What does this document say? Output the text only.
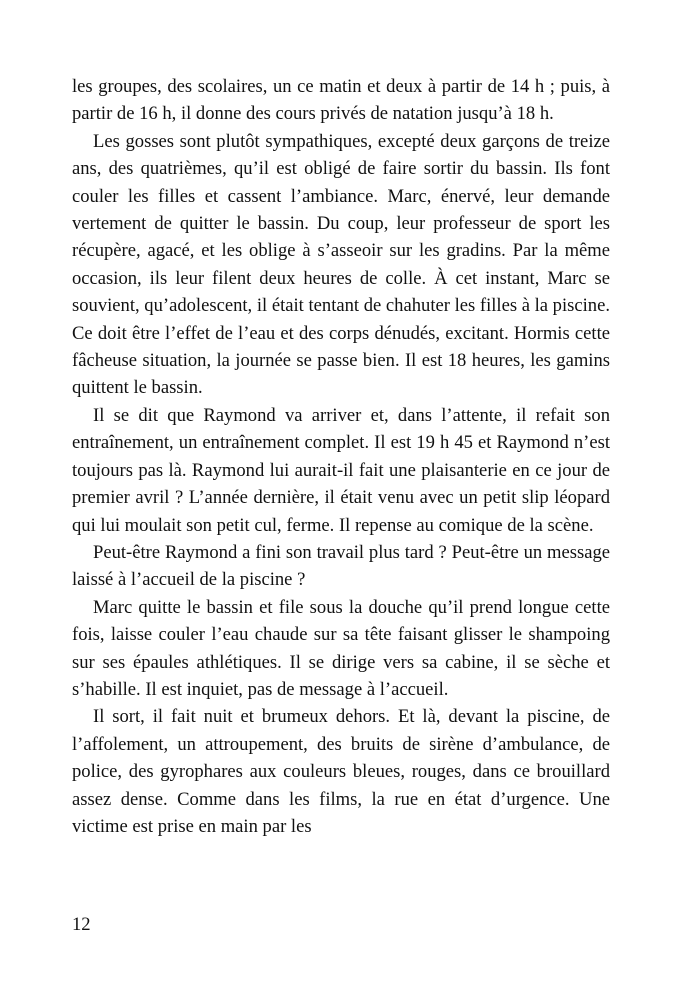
les groupes, des scolaires, un ce matin et deux à partir de 14 h ; puis, à partir de 16 h, il donne des cours privés de natation jusqu’à 18 h.

Les gosses sont plutôt sympathiques, excepté deux garçons de treize ans, des quatrièmes, qu’il est obligé de faire sortir du bassin. Ils font couler les filles et cassent l’ambiance. Marc, énervé, leur demande vertement de quitter le bassin. Du coup, leur professeur de sport les récupère, agacé, et les oblige à s’asseoir sur les gradins. Par la même occasion, ils leur filent deux heures de colle. À cet instant, Marc se souvient, qu’adolescent, il était tentant de chahuter les filles à la piscine. Ce doit être l’effet de l’eau et des corps dénudés, excitant. Hormis cette fâcheuse situation, la journée se passe bien. Il est 18 heures, les gamins quittent le bassin.

Il se dit que Raymond va arriver et, dans l’attente, il refait son entraînement, un entraînement complet. Il est 19 h 45 et Raymond n’est toujours pas là. Raymond lui aurait-il fait une plaisanterie en ce jour de premier avril ? L’année dernière, il était venu avec un petit slip léopard qui lui moulait son petit cul, ferme. Il repense au comique de la scène.

Peut-être Raymond a fini son travail plus tard ? Peut-être un message laissé à l’accueil de la piscine ?

Marc quitte le bassin et file sous la douche qu’il prend longue cette fois, laisse couler l’eau chaude sur sa tête faisant glisser le shampoing sur ses épaules athlétiques. Il se dirige vers sa cabine, il se sèche et s’habille. Il est inquiet, pas de message à l’accueil.

Il sort, il fait nuit et brumeux dehors. Et là, devant la piscine, de l’affolement, un attroupement, des bruits de sirène d’ambulance, de police, des gyrophares aux couleurs bleues, rouges, dans ce brouillard assez dense. Comme dans les films, la rue en état d’urgence. Une victime est prise en main par les

12
